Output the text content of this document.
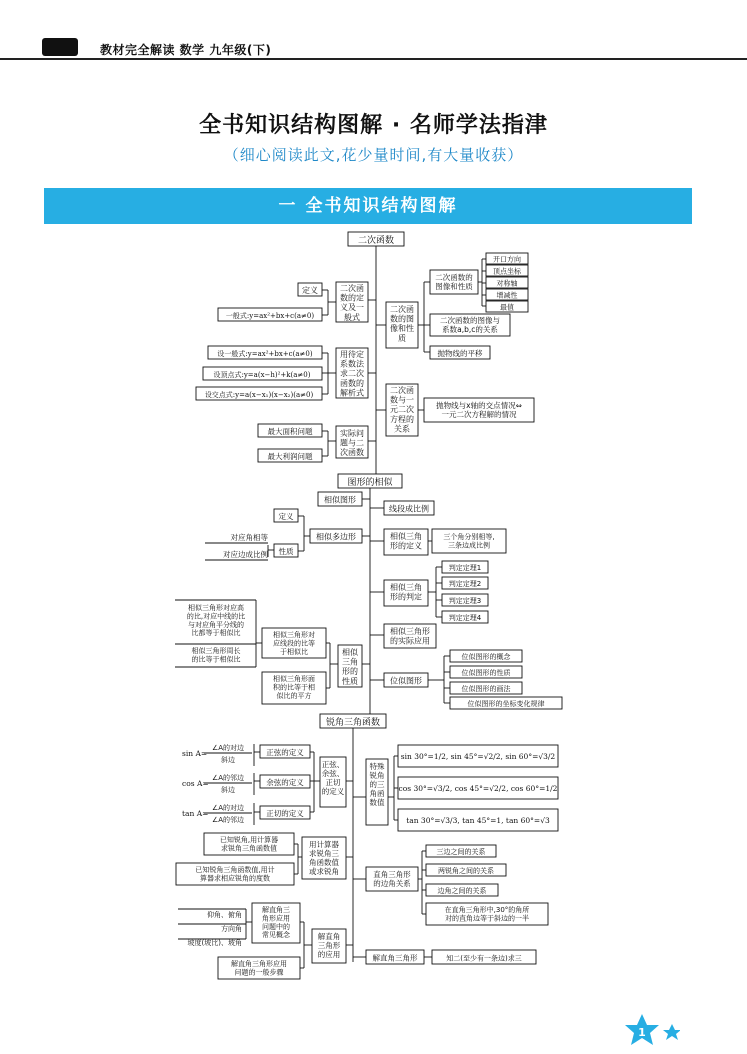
教材完全解读 数学 九年级(下)
全书知识结构图解 · 名师学法指津
（细心阅读此文,花少量时间,有大量收获）
一 全书知识结构图解
二次函数
二次函数的定义及一般式
定义
一般式:y=ax²+bx+c(a≠0)
用待定系数法求二次函数的解析式
设一般式:y=ax²+bx+c(a≠0)
设顶点式:y=a(x−h)²+k(a≠0)
设交点式:y=a(x−x₁)(x−x₂)(a≠0)
实际问题与二次函数
最大面积问题
最大利润问题
二次函数的图像和性质
二次函数的图像和性质
开口方向
顶点坐标
对称轴
增减性
最值
二次函数的图像与系数a,b,c的关系
抛物线的平移
二次函数与一元二次方程的关系
抛物线与x轴的交点情况⇔一元二次方程解的情况
图形的相似
相似图形
相似多边形
定义
性质
对应角相等
对应边成比例
相似三角形的性质
相似三角形对应线段的比等于相似比
相似三角形对应高的比,对应中线的比与对应角平分线的比都等于相似比
相似三角形周长的比等于相似比
相似三角形面积的比等于相似比的平方
线段成比例
相似三角形的定义
三个角分别相等,三条边成比例
相似三角形的判定
判定定理1
判定定理2
判定定理3
判定定理4
相似三角形的实际应用
位似图形
位似图形的概念
位似图形的性质
位似图形的画法
位似图形的坐标变化规律
锐角三角函数
正弦、余弦、正切的定义
正弦的定义
余弦的定义
正切的定义
sin A=
∠A的对边
斜边
cos A=
∠A的邻边
斜边
tan A=
∠A的对边
∠A的邻边
用计算器求锐角三角函数值或求锐角
已知锐角,用计算器求锐角三角函数值
已知锐角三角函数值,用计算器求相应锐角的度数
解直角三角形的应用
解直角三角形应用问题中的常见概念
仰角、俯角
方向角
坡度(坡比)、坡角
解直角三角形应用问题的一般步骤
特殊锐角的三角函数值
sin 30°=1/2, sin 45°=√2/2, sin 60°=√3/2
cos 30°=√3/2, cos 45°=√2/2, cos 60°=1/2
tan 30°=√3/3, tan 45°=1, tan 60°=√3
直角三角形的边角关系
三边之间的关系
两锐角之间的关系
边角之间的关系
在直角三角形中,30°的角所对的直角边等于斜边的一半
解直角三角形	知二(至少有一条边)求三
1
